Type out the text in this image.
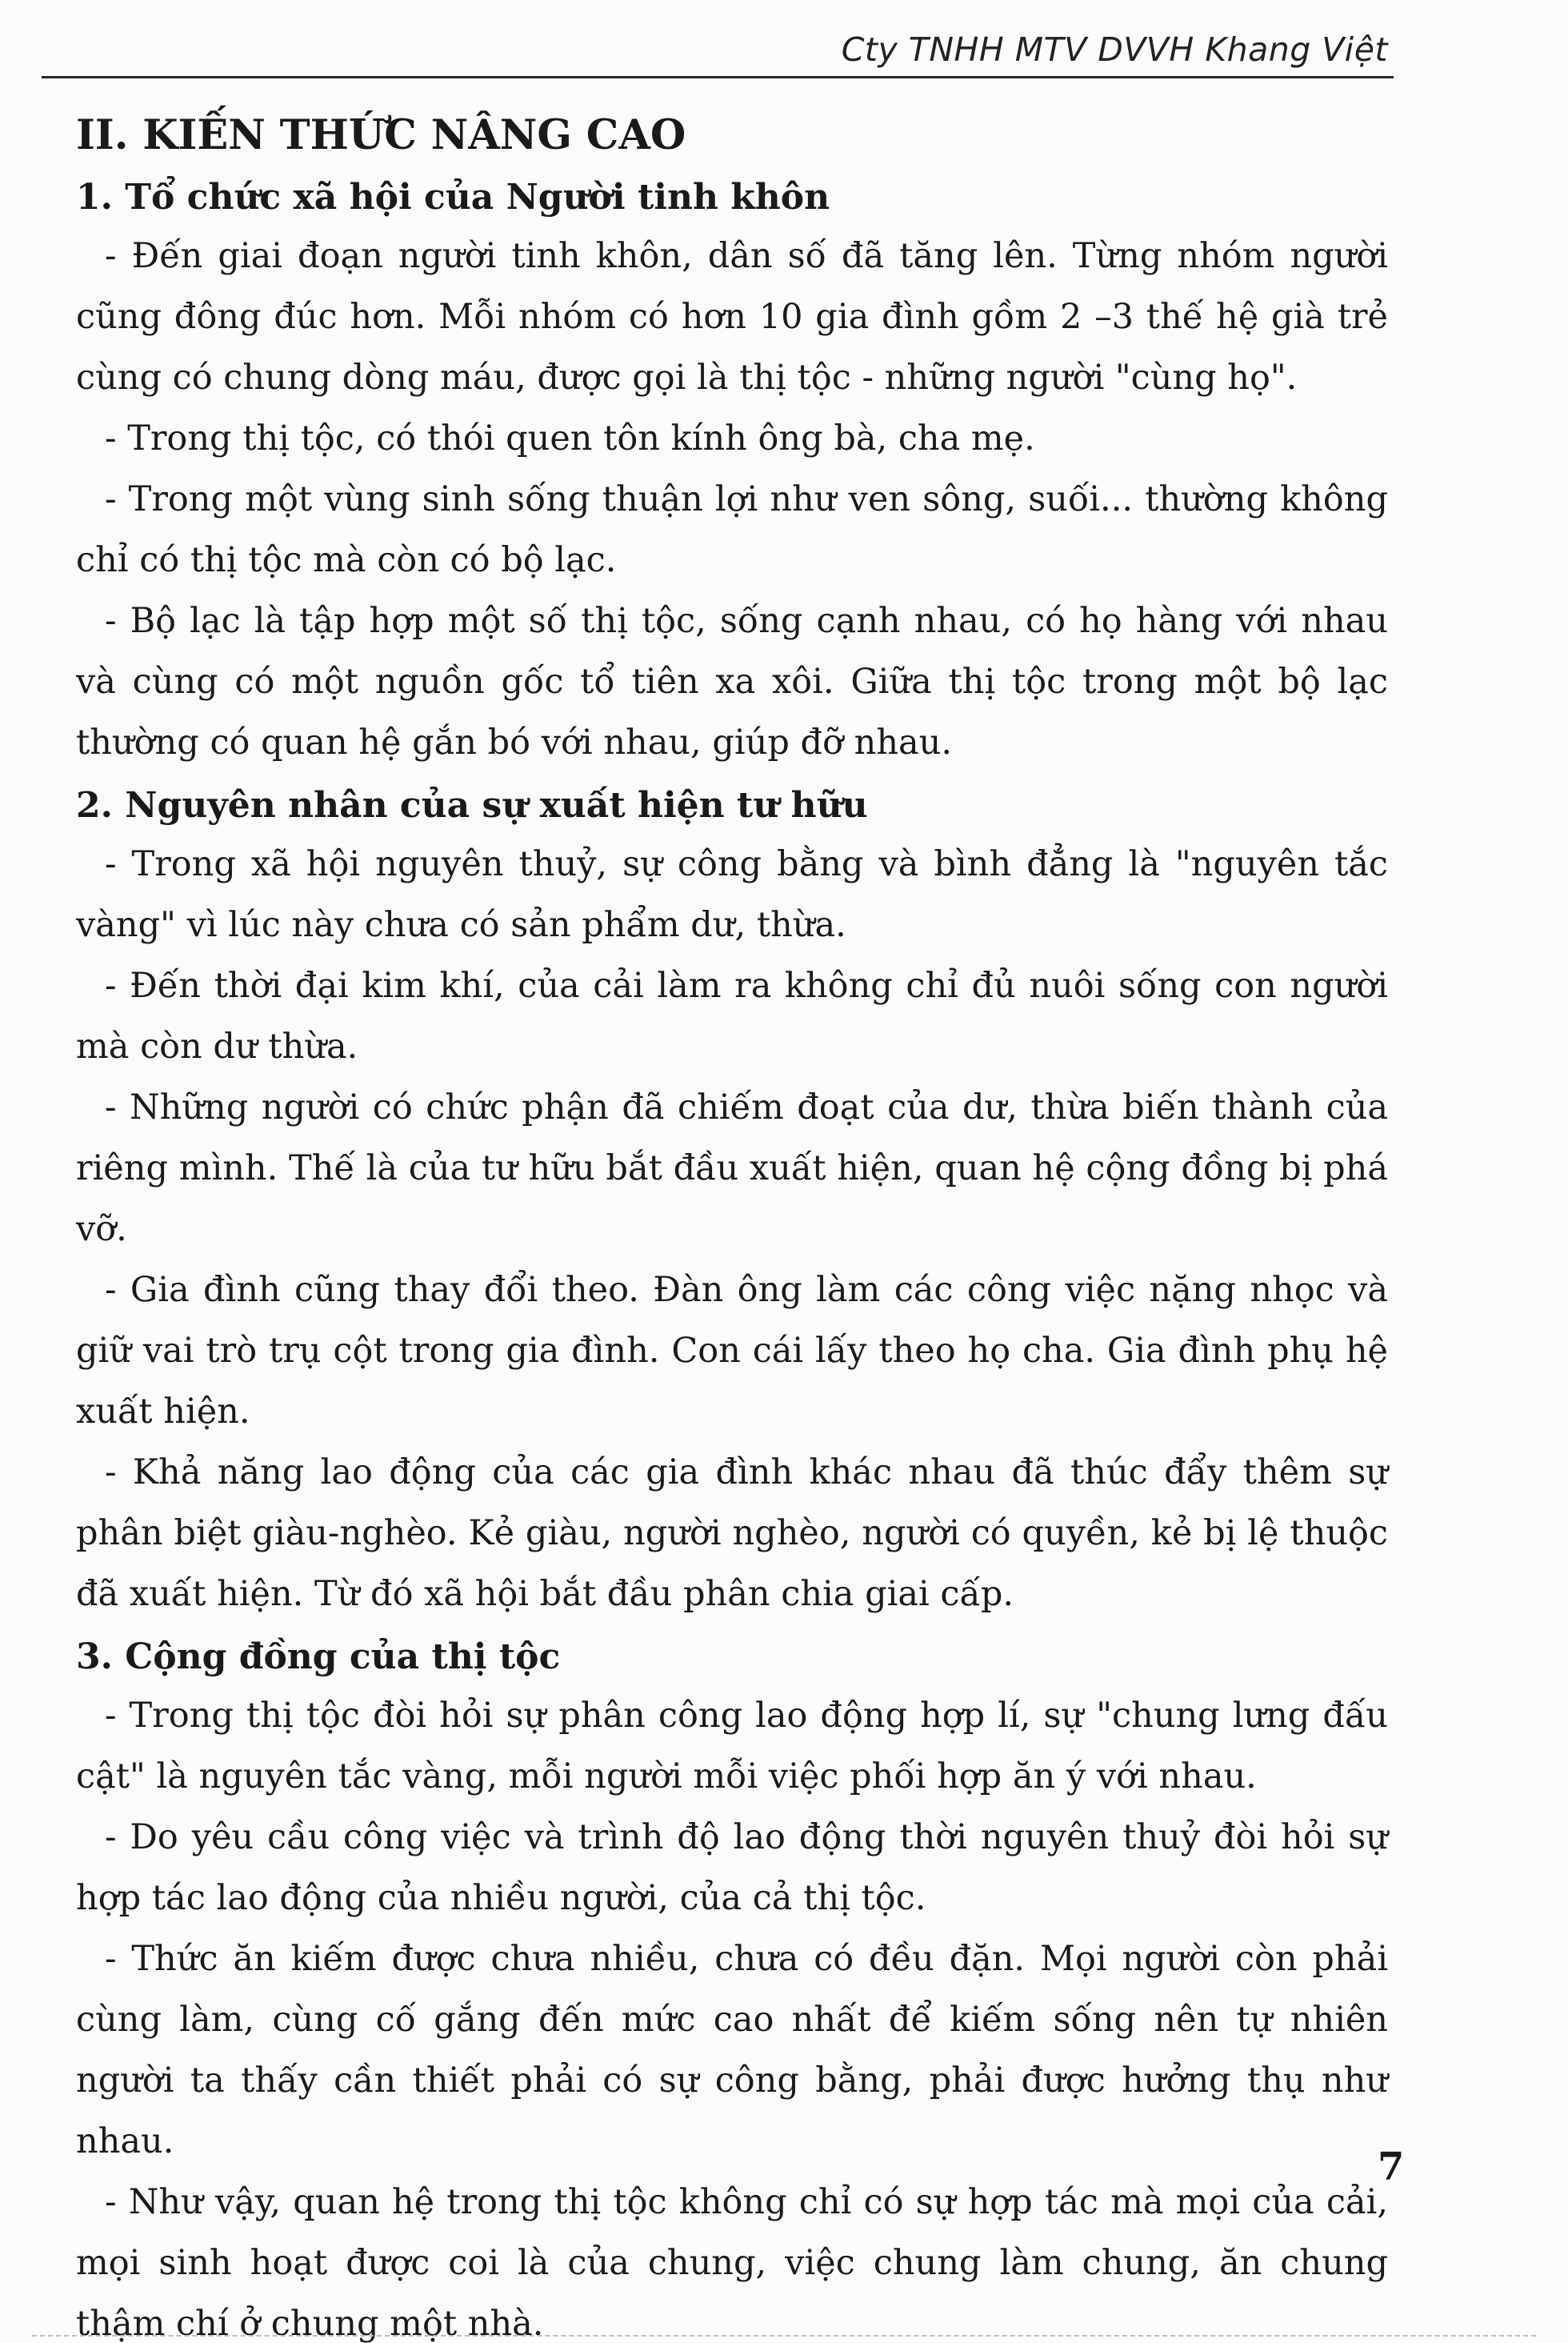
Cty TNHH MTV DVVH Khang Việt
II. KIẾN THỨC NÂNG CAO
1. Tổ chức xã hội của Người tinh khôn

- Đến giai đoạn người tinh khôn, dân số đã tăng lên. Từng nhóm người cũng đông đúc hơn. Mỗi nhóm có hơn 10 gia đình gồm 2 –3 thế hệ già trẻ cùng có chung dòng máu, được gọi là thị tộc - những người "cùng họ".

- Trong thị tộc, có thói quen tôn kính ông bà, cha mẹ.

- Trong một vùng sinh sống thuận lợi như ven sông, suối... thường không chỉ có thị tộc mà còn có bộ lạc.

- Bộ lạc là tập hợp một số thị tộc, sống cạnh nhau, có họ hàng với nhau và cùng có một nguồn gốc tổ tiên xa xôi. Giữa thị tộc trong một bộ lạc thường có quan hệ gắn bó với nhau, giúp đỡ nhau.

2. Nguyên nhân của sự xuất hiện tư hữu

- Trong xã hội nguyên thuỷ, sự công bằng và bình đẳng là "nguyên tắc vàng" vì lúc này chưa có sản phẩm dư, thừa.

- Đến thời đại kim khí, của cải làm ra không chỉ đủ nuôi sống con người mà còn dư thừa.

- Những người có chức phận đã chiếm đoạt của dư, thừa biến thành của riêng mình. Thế là của tư hữu bắt đầu xuất hiện, quan hệ cộng đồng bị phá vỡ.

- Gia đình cũng thay đổi theo. Đàn ông làm các công việc nặng nhọc và giữ vai trò trụ cột trong gia đình. Con cái lấy theo họ cha. Gia đình phụ hệ xuất hiện.

- Khả năng lao động của các gia đình khác nhau đã thúc đẩy thêm sự phân biệt giàu-nghèo. Kẻ giàu, người nghèo, người có quyền, kẻ bị lệ thuộc đã xuất hiện. Từ đó xã hội bắt đầu phân chia giai cấp.

3. Cộng đồng của thị tộc

- Trong thị tộc đòi hỏi sự phân công lao động hợp lí, sự "chung lưng đấu cật" là nguyên tắc vàng, mỗi người mỗi việc phối hợp ăn ý với nhau.

- Do yêu cầu công việc và trình độ lao động thời nguyên thuỷ đòi hỏi sự hợp tác lao động của nhiều người, của cả thị tộc.

- Thức ăn kiếm được chưa nhiều, chưa có đều đặn. Mọi người còn phải cùng làm, cùng cố gắng đến mức cao nhất để kiếm sống nên tự nhiên người ta thấy cần thiết phải có sự công bằng, phải được hưởng thụ như nhau.

- Như vậy, quan hệ trong thị tộc không chỉ có sự hợp tác mà mọi của cải, mọi sinh hoạt được coi là của chung, việc chung làm chung, ăn chung thậm chí ở chung một nhà.

7
